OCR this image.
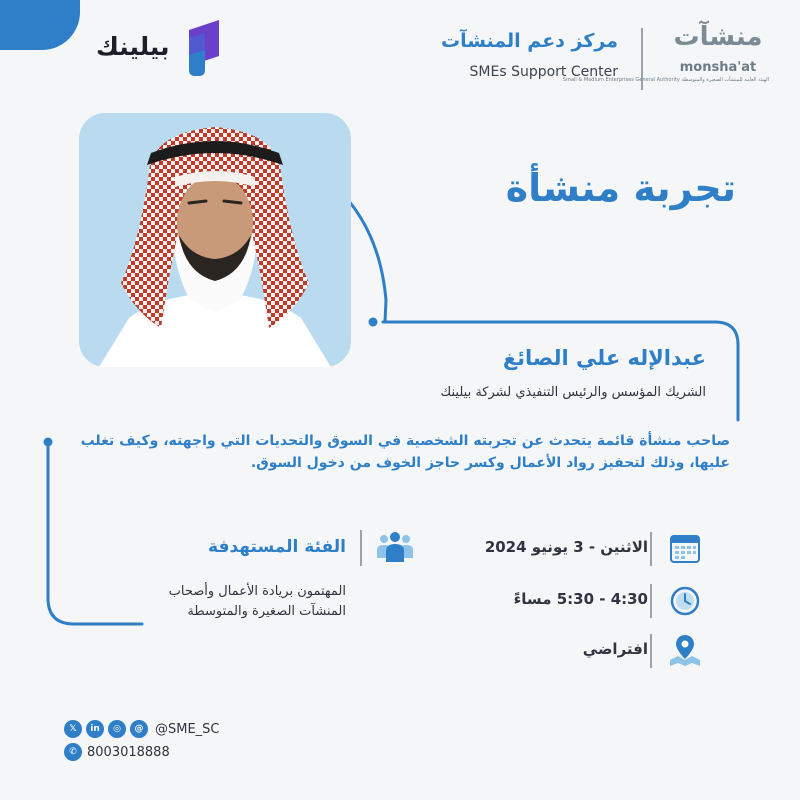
مركز دعم المنشآت
SMEs Support Center
منشآت
monsha'at
الهيئة العامة للمنشآت الصغيرة والمتوسطة Small & Medium Enterprises General Authority
بيلينك
تجربة منشأة
عبدالإله علي الصائغ
الشريك المؤسس والرئيس التنفيذي لشركة بيلينك
صاحب منشأة قائمة يتحدث عن تجربته الشخصية في السوق والتحديات التي واجهته، وكيف تغلب عليها، وذلك لتحفيز رواد الأعمال وكسر حاجز الخوف من دخول السوق.
الاثنين - 3 يونيو 2024
4:30 - 5:30 مساءً
افتراضي
الفئة المستهدفة
المهتمون بريادة الأعمال وأصحاب
المنشآت الصغيرة والمتوسطة
𝕏	in	◎	@ @SME_SC
✆ 8003018888
